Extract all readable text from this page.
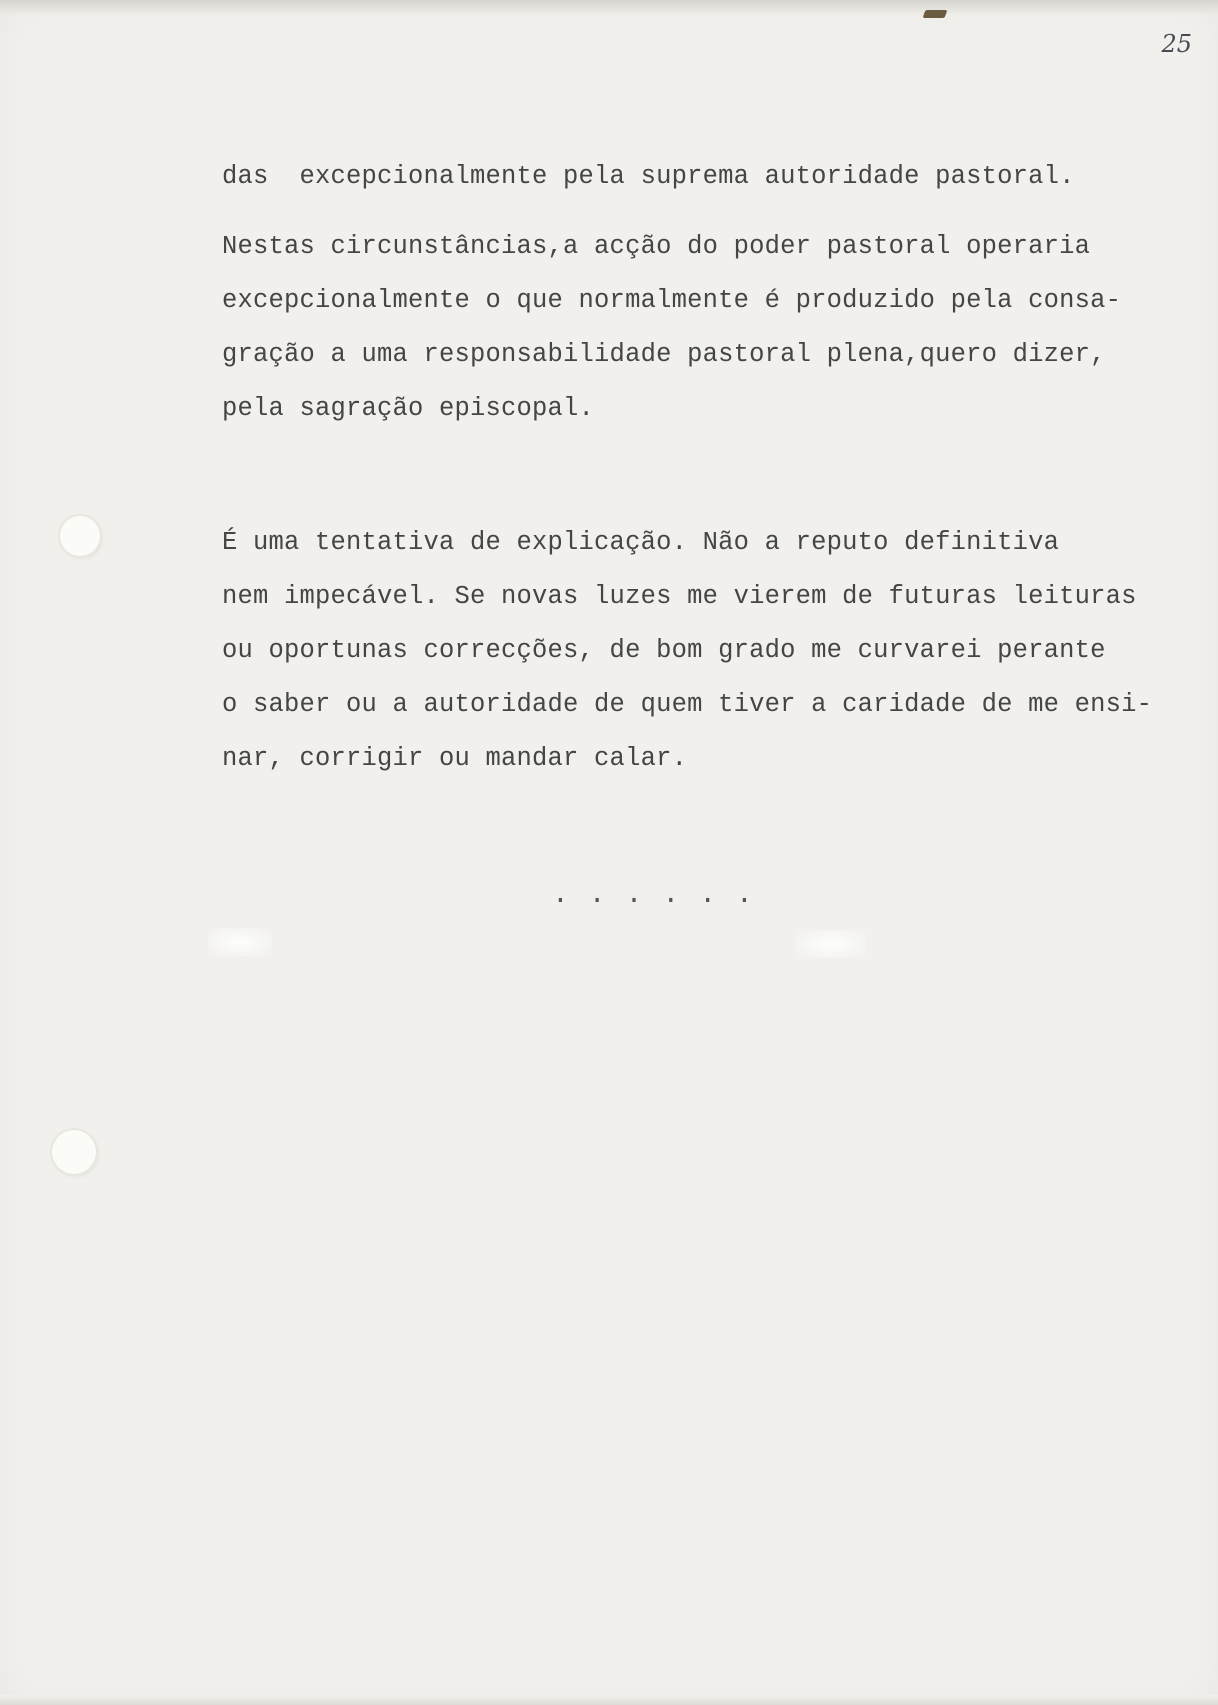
25
das  excepcionalmente pela suprema autoridade pastoral.
Nestas circunstâncias,a acção do poder pastoral operaria
excepcionalmente o que normalmente é produzido pela consa-
gração a uma responsabilidade pastoral plena,quero dizer,
pela sagração episcopal.
É uma tentativa de explicação. Não a reputo definitiva
nem impecável. Se novas luzes me vierem de futuras leituras
ou oportunas correcções, de bom grado me curvarei perante
o saber ou a autoridade de quem tiver a caridade de me ensi-
nar, corrigir ou mandar calar.
......
